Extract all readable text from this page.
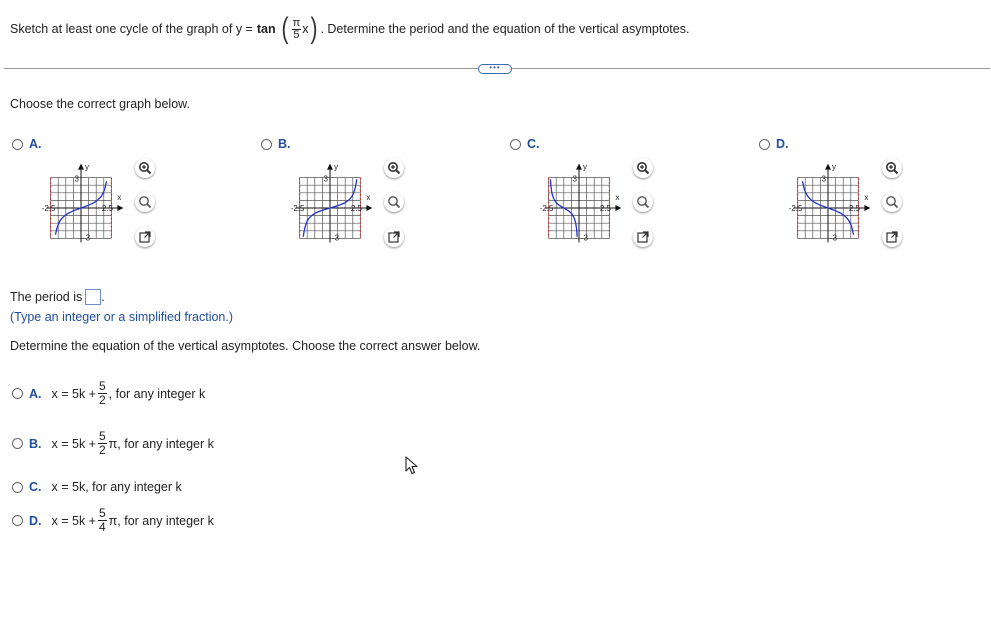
Sketch at least one cycle of the graph of y = tan ( $\frac{\pi}{5}$ x ) . Determine the period and the equation of the vertical asymptotes.
•••
Choose the correct graph below.
A.
y
x
3
-3
-2.5	2.5
B.
y
x
3
-3
-2.5	2.5
C.
y
x
3
-3
-2.5	2.5
D.
y
x
3
-3
-2.5	2.5
The period is .
(Type an integer or a simplified fraction.)
Determine the equation of the vertical asymptotes. Choose the correct answer below.
A. $x = 5k + \frac{5}{2}$ , for any integer k
B. $x = 5k + \frac{5}{2} \pi$, for any integer k
C. x = 5k, for any integer k
D. $x = 5k + \frac{5}{4} \pi$, for any integer k
